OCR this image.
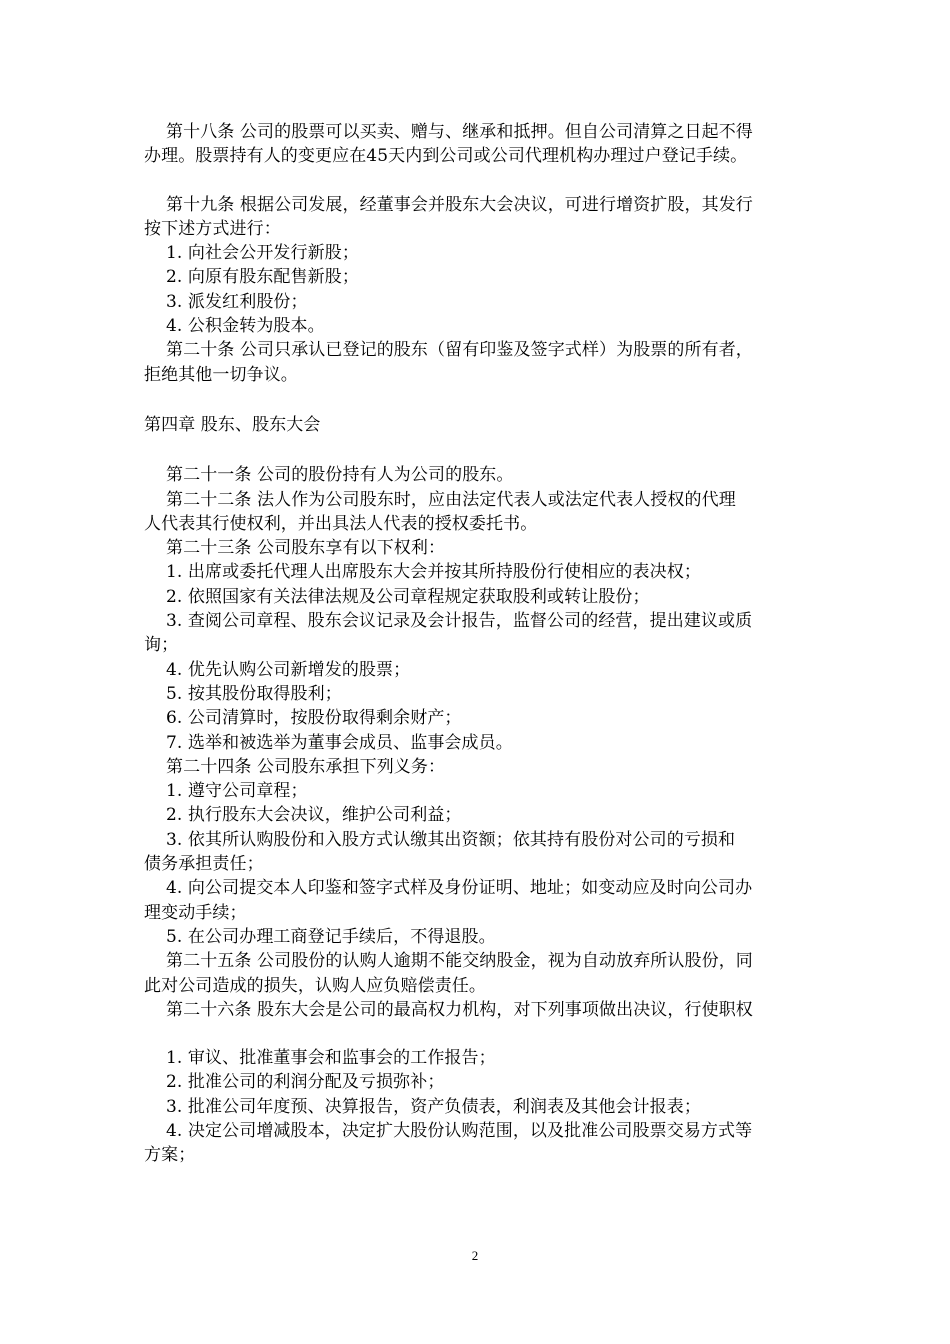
第十八条 公司的股票可以买卖、赠与、继承和抵押。但自公司清算之日起不得
办理。股票持有人的变更应在45天内到公司或公司代理机构办理过户登记手续。
第十九条 根据公司发展，经董事会并股东大会决议，可进行增资扩股，其发行
按下述方式进行：
1. 向社会公开发行新股；
2. 向原有股东配售新股；
3. 派发红利股份；
4. 公积金转为股本。
第二十条 公司只承认已登记的股东（留有印鉴及签字式样）为股票的所有者，
拒绝其他一切争议。
第四章 股东、股东大会
第二十一条 公司的股份持有人为公司的股东。
第二十二条 法人作为公司股东时，应由法定代表人或法定代表人授权的代理
人代表其行使权利，并出具法人代表的授权委托书。
第二十三条 公司股东享有以下权利：
1. 出席或委托代理人出席股东大会并按其所持股份行使相应的表决权；
2. 依照国家有关法律法规及公司章程规定获取股利或转让股份；
3. 查阅公司章程、股东会议记录及会计报告，监督公司的经营，提出建议或质
询；
4. 优先认购公司新增发的股票；
5. 按其股份取得股利；
6. 公司清算时，按股份取得剩余财产；
7. 选举和被选举为董事会成员、监事会成员。
第二十四条 公司股东承担下列义务：
1. 遵守公司章程；
2. 执行股东大会决议，维护公司利益；
3. 依其所认购股份和入股方式认缴其出资额；依其持有股份对公司的亏损和
债务承担责任；
4. 向公司提交本人印鉴和签字式样及身份证明、地址；如变动应及时向公司办
理变动手续；
5. 在公司办理工商登记手续后，不得退股。
第二十五条 公司股份的认购人逾期不能交纳股金，视为自动放弃所认股份，同
此对公司造成的损失，认购人应负赔偿责任。
第二十六条 股东大会是公司的最高权力机构，对下列事项做出决议，行使职权
1. 审议、批准董事会和监事会的工作报告；
2. 批准公司的利润分配及亏损弥补；
3. 批准公司年度预、决算报告，资产负债表，利润表及其他会计报表；
4. 决定公司增减股本，决定扩大股份认购范围，以及批准公司股票交易方式等
方案；
2
